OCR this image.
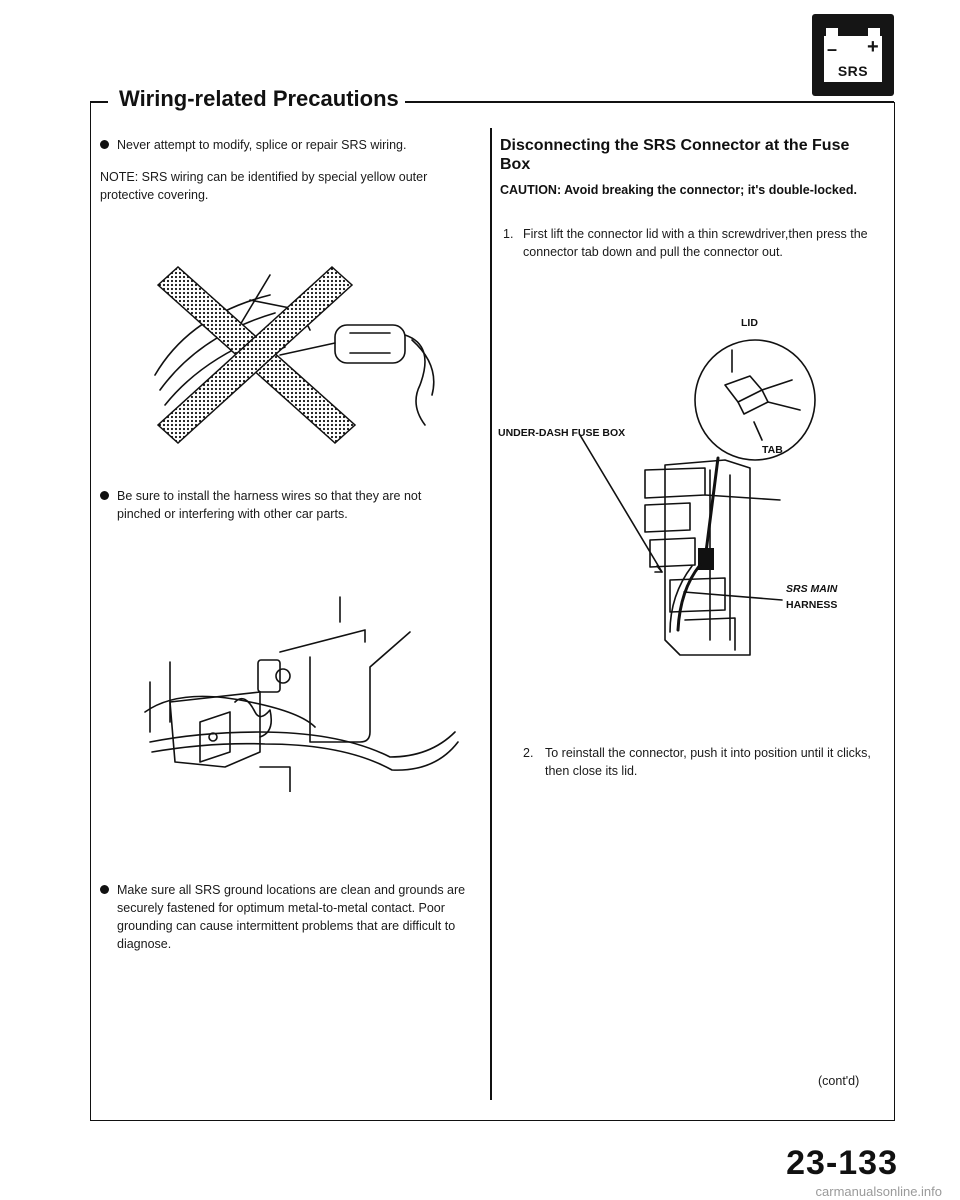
– +
SRS
Wiring-related Precautions
Never attempt to modify, splice or repair SRS wiring.
NOTE: SRS wiring can be identified by special yellow outer protective covering.
Be sure to install the harness wires so that they are not pinched or interfering with other car parts.
Make sure all SRS ground locations are clean and grounds are securely fastened for optimum metal-to-metal contact. Poor grounding can cause intermittent problems that are difficult to diagnose.
Disconnecting the SRS Connector at the Fuse Box
CAUTION: Avoid breaking the connector; it's double-locked.
1. First lift the connector lid with a thin screwdriver,then press the connector tab down and pull the connector out.
LID
TAB
UNDER-DASH FUSE BOX
SRS MAIN
HARNESS
2. To reinstall the connector, push it into position until it clicks, then close its lid.
(cont'd)
23-133
carmanualsonline.info
